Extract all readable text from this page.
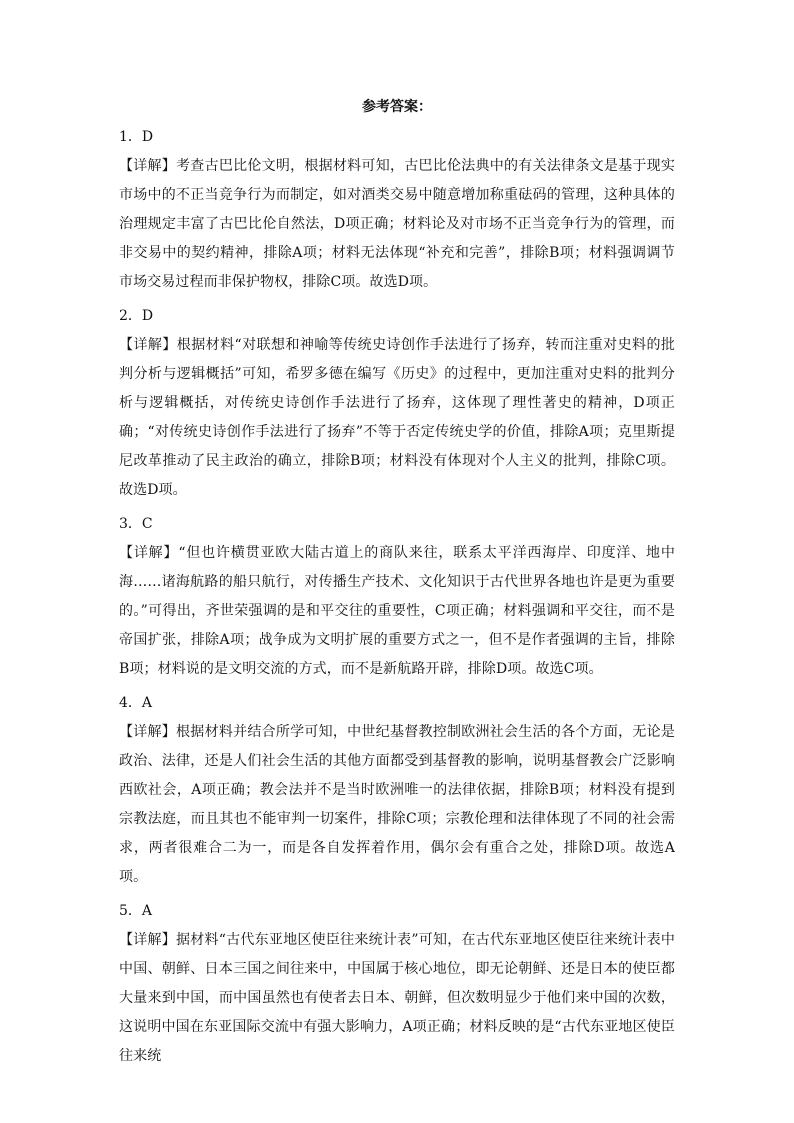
参考答案：

1．D

【详解】考查古巴比伦文明，根据材料可知，古巴比伦法典中的有关法律条文是基于现实市场中的不正当竞争行为而制定，如对酒类交易中随意增加称重砝码的管理，这种具体的治理规定丰富了古巴比伦自然法，D项正确；材料论及对市场不正当竞争行为的管理，而非交易中的契约精神，排除A项；材料无法体现“补充和完善”，排除B项；材料强调调节市场交易过程而非保护物权，排除C项。故选D项。

2．D

【详解】根据材料“对联想和神喻等传统史诗创作手法进行了扬弃，转而注重对史料的批判分析与逻辑概括”可知，希罗多德在编写《历史》的过程中，更加注重对史料的批判分析与逻辑概括，对传统史诗创作手法进行了扬弃，这体现了理性著史的精神，D项正确；“对传统史诗创作手法进行了扬弃”不等于否定传统史学的价值，排除A项；克里斯提尼改革推动了民主政治的确立，排除B项；材料没有体现对个人主义的批判，排除C项。故选D项。

3．C

【详解】“但也许横贯亚欧大陆古道上的商队来往，联系太平洋西海岸、印度洋、地中海……诸海航路的船只航行，对传播生产技术、文化知识于古代世界各地也许是更为重要的。”可得出，齐世荣强调的是和平交往的重要性，C项正确；材料强调和平交往，而不是帝国扩张，排除A项；战争成为文明扩展的重要方式之一，但不是作者强调的主旨，排除B项；材料说的是文明交流的方式，而不是新航路开辟，排除D项。故选C项。

4．A

【详解】根据材料并结合所学可知，中世纪基督教控制欧洲社会生活的各个方面，无论是政治、法律，还是人们社会生活的其他方面都受到基督教的影响，说明基督教会广泛影响西欧社会，A项正确；教会法并不是当时欧洲唯一的法律依据，排除B项；材料没有提到宗教法庭，而且其也不能审判一切案件，排除C项；宗教伦理和法律体现了不同的社会需求，两者很难合二为一，而是各自发挥着作用，偶尔会有重合之处，排除D项。故选A项。

5．A

【详解】据材料“古代东亚地区使臣往来统计表”可知，在古代东亚地区使臣往来统计表中中国、朝鲜、日本三国之间往来中，中国属于核心地位，即无论朝鲜、还是日本的使臣都大量来到中国，而中国虽然也有使者去日本、朝鲜，但次数明显少于他们来中国的次数，这说明中国在东亚国际交流中有强大影响力，A项正确；材料反映的是“古代东亚地区使臣往来统
